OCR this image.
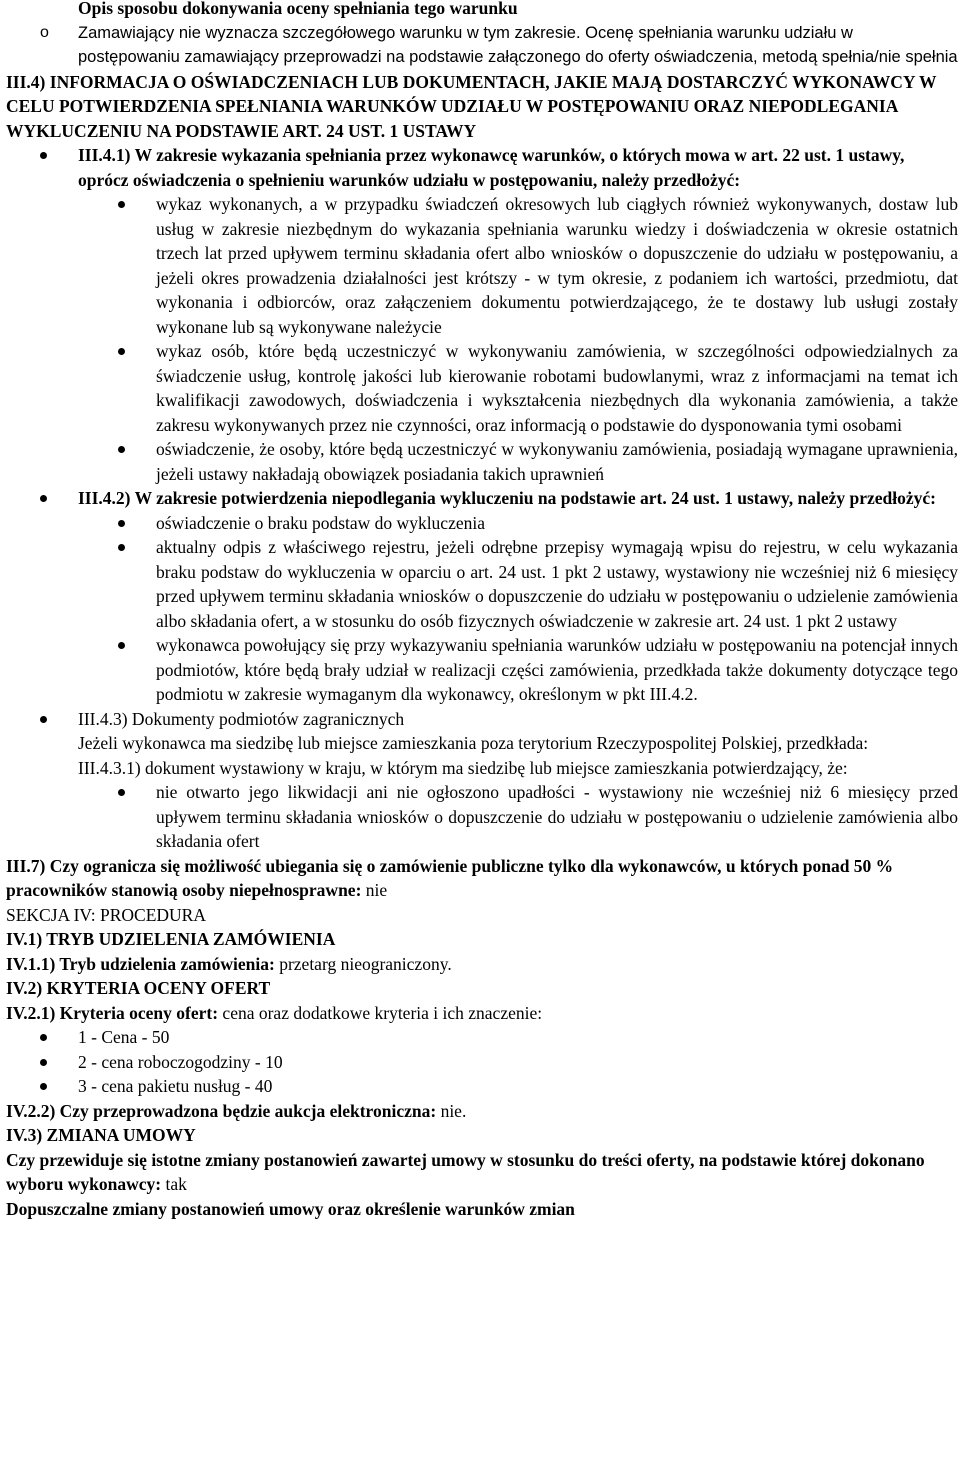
Opis sposobu dokonywania oceny spełniania tego warunku

o Zamawiający nie wyznacza szczegółowego warunku w tym zakresie. Ocenę spełniania warunku udziału w postępowaniu zamawiający przeprowadzi na podstawie załączonego do oferty oświadczenia, metodą spełnia/nie spełnia

III.4) INFORMACJA O OŚWIADCZENIACH LUB DOKUMENTACH, JAKIE MAJĄ DOSTARCZYĆ WYKONAWCY W CELU POTWIERDZENIA SPEŁNIANIA WARUNKÓW UDZIAŁU W POSTĘPOWANIU ORAZ NIEPODLEGANIA WYKLUCZENIU NA PODSTAWIE ART. 24 UST. 1 USTAWY

III.4.1) W zakresie wykazania spełniania przez wykonawcę warunków, o których mowa w art. 22 ust. 1 ustawy, oprócz oświadczenia o spełnieniu warunków udziału w postępowaniu, należy przedłożyć:
wykaz wykonanych, a w przypadku świadczeń okresowych lub ciągłych również wykonywanych, dostaw lub usług w zakresie niezbędnym do wykazania spełniania warunku wiedzy i doświadczenia w okresie ostatnich trzech lat przed upływem terminu składania ofert albo wniosków o dopuszczenie do udziału w postępowaniu, a jeżeli okres prowadzenia działalności jest krótszy - w tym okresie, z podaniem ich wartości, przedmiotu, dat wykonania i odbiorców, oraz załączeniem dokumentu potwierdzającego, że te dostawy lub usługi zostały wykonane lub są wykonywane należycie
wykaz osób, które będą uczestniczyć w wykonywaniu zamówienia, w szczególności odpowiedzialnych za świadczenie usług, kontrolę jakości lub kierowanie robotami budowlanymi, wraz z informacjami na temat ich kwalifikacji zawodowych, doświadczenia i wykształcenia niezbędnych dla wykonania zamówienia, a także zakresu wykonywanych przez nie czynności, oraz informacją o podstawie do dysponowania tymi osobami
oświadczenie, że osoby, które będą uczestniczyć w wykonywaniu zamówienia, posiadają wymagane uprawnienia, jeżeli ustawy nakładają obowiązek posiadania takich uprawnień
III.4.2) W zakresie potwierdzenia niepodlegania wykluczeniu na podstawie art. 24 ust. 1 ustawy, należy przedłożyć:
oświadczenie o braku podstaw do wykluczenia
aktualny odpis z właściwego rejestru, jeżeli odrębne przepisy wymagają wpisu do rejestru, w celu wykazania braku podstaw do wykluczenia w oparciu o art. 24 ust. 1 pkt 2 ustawy, wystawiony nie wcześniej niż 6 miesięcy przed upływem terminu składania wniosków o dopuszczenie do udziału w postępowaniu o udzielenie zamówienia albo składania ofert, a w stosunku do osób fizycznych oświadczenie w zakresie art. 24 ust. 1 pkt 2 ustawy
wykonawca powołujący się przy wykazywaniu spełniania warunków udziału w postępowaniu na potencjał innych podmiotów, które będą brały udział w realizacji części zamówienia, przedkłada także dokumenty dotyczące tego podmiotu w zakresie wymaganym dla wykonawcy, określonym w pkt III.4.2.
III.4.3) Dokumenty podmiotów zagranicznych

Jeżeli wykonawca ma siedzibę lub miejsce zamieszkania poza terytorium Rzeczypospolitej Polskiej, przedkłada:

III.4.3.1) dokument wystawiony w kraju, w którym ma siedzibę lub miejsce zamieszkania potwierdzający, że:

nie otwarto jego likwidacji ani nie ogłoszono upadłości - wystawiony nie wcześniej niż 6 miesięcy przed upływem terminu składania wniosków o dopuszczenie do udziału w postępowaniu o udzielenie zamówienia albo składania ofert

III.7) Czy ogranicza się możliwość ubiegania się o zamówienie publiczne tylko dla wykonawców, u których ponad 50 % pracowników stanowią osoby niepełnosprawne: nie

SEKCJA IV: PROCEDURA

IV.1) TRYB UDZIELENIA ZAMÓWIENIA

IV.1.1) Tryb udzielenia zamówienia: przetarg nieograniczony.

IV.2) KRYTERIA OCENY OFERT

IV.2.1) Kryteria oceny ofert: cena oraz dodatkowe kryteria i ich znaczenie:

1 - Cena - 50
2 - cena roboczogodziny - 10
3 - cena pakietu nusług - 40

IV.2.2) Czy przeprowadzona będzie aukcja elektroniczna: nie.

IV.3) ZMIANA UMOWY

Czy przewiduje się istotne zmiany postanowień zawartej umowy w stosunku do treści oferty, na podstawie której dokonano wyboru wykonawcy: tak

Dopuszczalne zmiany postanowień umowy oraz określenie warunków zmian
